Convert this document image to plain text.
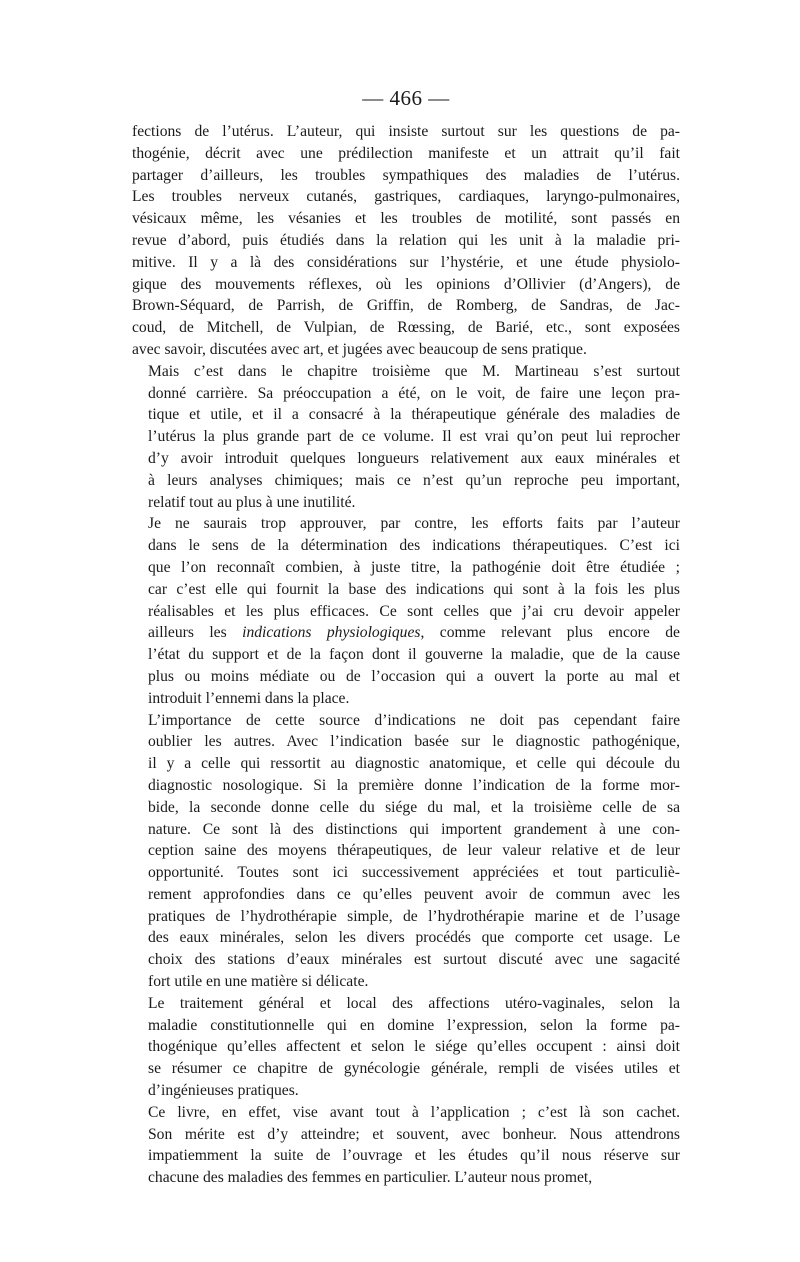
— 466 —
fections de l’utérus. L’auteur, qui insiste surtout sur les questions de pa-
thogénie, décrit avec une prédilection manifeste et un attrait qu’il fait
partager d’ailleurs, les troubles sympathiques des maladies de l’utérus.
Les troubles nerveux cutanés, gastriques, cardiaques, laryngo-pulmonaires,
vésicaux même, les vésanies et les troubles de motilité, sont passés en
revue d’abord, puis étudiés dans la relation qui les unit à la maladie pri-
mitive. Il y a là des considérations sur l’hystérie, et une étude physiolo-
gique des mouvements réflexes, où les opinions d’Ollivier (d’Angers), de
Brown-Séquard, de Parrish, de Griffin, de Romberg, de Sandras, de Jac-
coud, de Mitchell, de Vulpian, de Rœssing, de Barié, etc., sont exposées
avec savoir, discutées avec art, et jugées avec beaucoup de sens pratique.
Mais c’est dans le chapitre troisième que M. Martineau s’est surtout
donné carrière. Sa préoccupation a été, on le voit, de faire une leçon pra-
tique et utile, et il a consacré à la thérapeutique générale des maladies de
l’utérus la plus grande part de ce volume. Il est vrai qu’on peut lui reprocher
d’y avoir introduit quelques longueurs relativement aux eaux minérales et
à leurs analyses chimiques; mais ce n’est qu’un reproche peu important,
relatif tout au plus à une inutilité.
Je ne saurais trop approuver, par contre, les efforts faits par l’auteur
dans le sens de la détermination des indications thérapeutiques. C’est ici
que l’on reconnaît combien, à juste titre, la pathogénie doit être étudiée ;
car c’est elle qui fournit la base des indications qui sont à la fois les plus
réalisables et les plus efficaces. Ce sont celles que j’ai cru devoir appeler
ailleurs les indications physiologiques, comme relevant plus encore de
l’état du support et de la façon dont il gouverne la maladie, que de la cause
plus ou moins médiate ou de l’occasion qui a ouvert la porte au mal et
introduit l’ennemi dans la place.
L’importance de cette source d’indications ne doit pas cependant faire
oublier les autres. Avec l’indication basée sur le diagnostic pathogénique,
il y a celle qui ressortit au diagnostic anatomique, et celle qui découle du
diagnostic nosologique. Si la première donne l’indication de la forme mor-
bide, la seconde donne celle du siége du mal, et la troisième celle de sa
nature. Ce sont là des distinctions qui importent grandement à une con-
ception saine des moyens thérapeutiques, de leur valeur relative et de leur
opportunité. Toutes sont ici successivement appréciées et tout particuliè-
rement approfondies dans ce qu’elles peuvent avoir de commun avec les
pratiques de l’hydrothérapie simple, de l’hydrothérapie marine et de l’usage
des eaux minérales, selon les divers procédés que comporte cet usage. Le
choix des stations d’eaux minérales est surtout discuté avec une sagacité
fort utile en une matière si délicate.
Le traitement général et local des affections utéro-vaginales, selon la
maladie constitutionnelle qui en domine l’expression, selon la forme pa-
thogénique qu’elles affectent et selon le siége qu’elles occupent : ainsi doit
se résumer ce chapitre de gynécologie générale, rempli de visées utiles et
d’ingénieuses pratiques.
Ce livre, en effet, vise avant tout à l’application ; c’est là son cachet.
Son mérite est d’y atteindre; et souvent, avec bonheur. Nous attendrons
impatiemment la suite de l’ouvrage et les études qu’il nous réserve sur
chacune des maladies des femmes en particulier. L’auteur nous promet,
